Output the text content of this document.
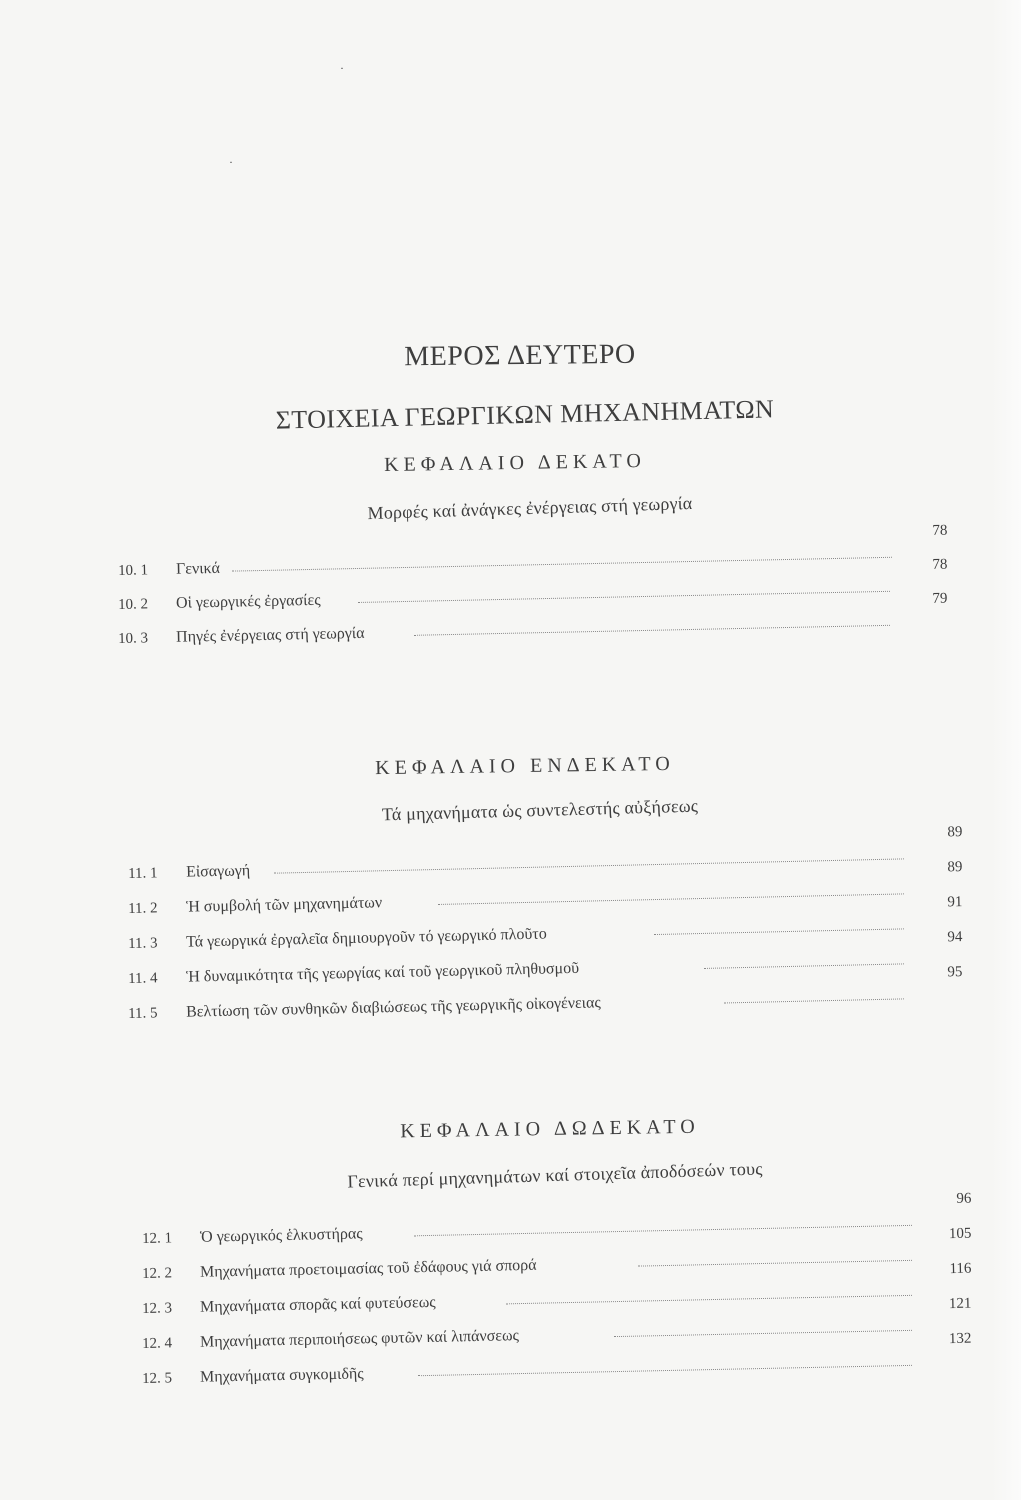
·
·
ΜΕΡΟΣ ΔΕΥΤΕΡΟ
ΣΤΟΙΧΕΙΑ ΓΕΩΡΓΙΚΩΝ ΜΗΧΑΝΗΜΑΤΩΝ
ΚΕΦΑΛΑΙΟ ΔΕΚΑΤΟ
Μορφές καί ἀνάγκες ἐνέργειας στή γεωργία
10. 1 Γενικά
78
10. 2 Οἱ γεωργικές ἐργασίες
78
10. 3 Πηγές ἐνέργειας στή γεωργία
79
ΚΕΦΑΛΑΙΟ ΕΝΔΕΚΑΤΟ
Τά μηχανήματα ὡς συντελεστής αὐξήσεως
11. 1 Εἰσαγωγή
89
11. 2 Ἡ συμβολή τῶν μηχανημάτων
89
11. 3 Τά γεωργικά ἐργαλεῖα δημιουργοῦν τό γεωργικό πλοῦτο
91
11. 4 Ἡ δυναμικότητα τῆς γεωργίας καί τοῦ γεωργικοῦ πληθυσμοῦ
94
11. 5 Βελτίωση τῶν συνθηκῶν διαβιώσεως τῆς γεωργικῆς οἰκογένειας
95
ΚΕΦΑΛΑΙΟ ΔΩΔΕΚΑΤΟ
Γενικά περί μηχανημάτων καί στοιχεῖα ἀποδόσεών τους
12. 1 Ὁ γεωργικός ἑλκυστήρας
96
12. 2 Μηχανήματα προετοιμασίας τοῦ ἐδάφους γιά σπορά
105
12. 3 Μηχανήματα σπορᾶς καί φυτεύσεως
116
12. 4 Μηχανήματα περιποιήσεως φυτῶν καί λιπάνσεως
121
12. 5 Μηχανήματα συγκομιδῆς
132
